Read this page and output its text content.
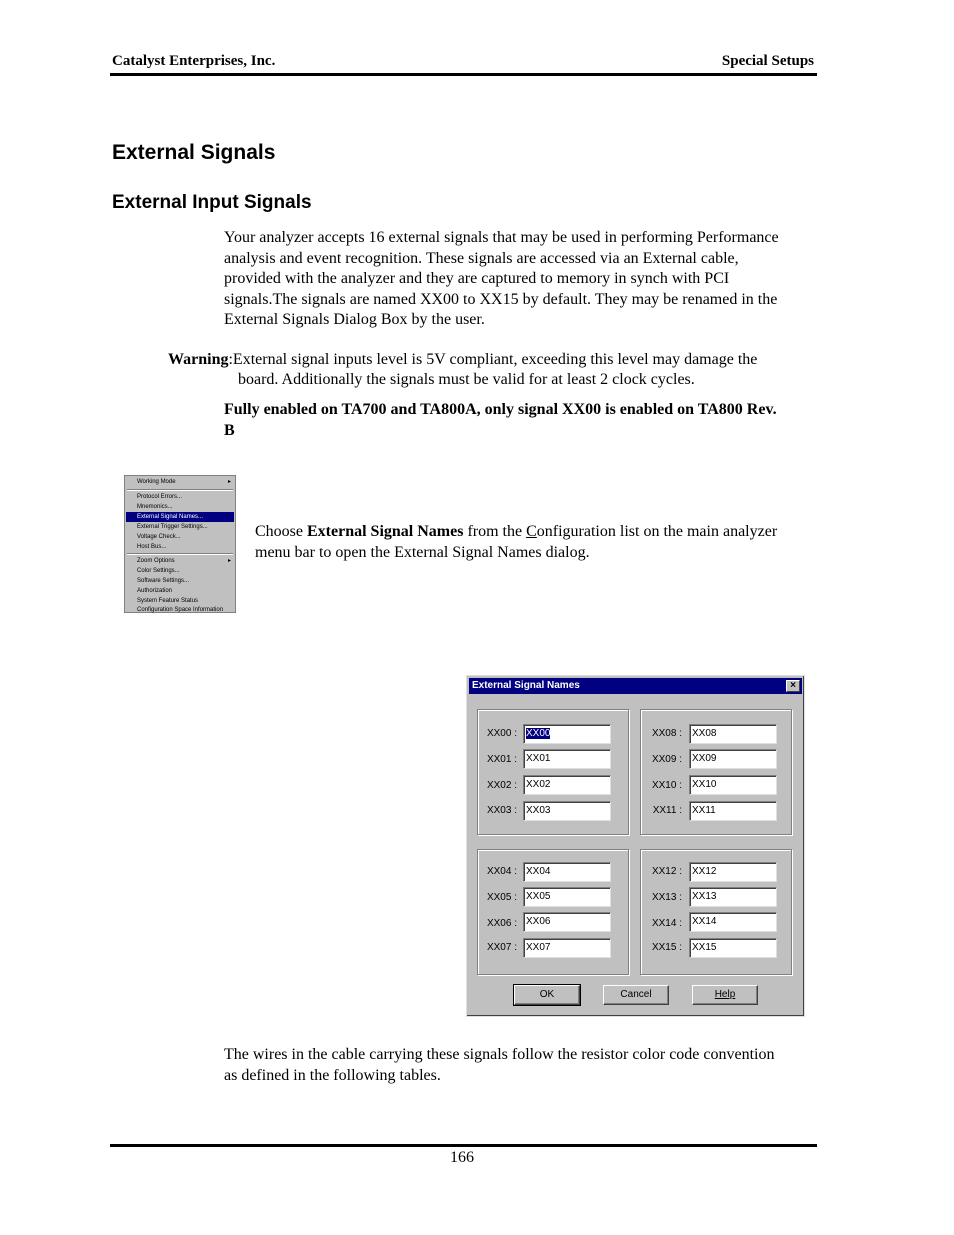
Catalyst Enterprises, Inc.	Special Setups
External Signals
External Input Signals
Your analyzer accepts 16 external signals that may be used in performing Performance
analysis and event recognition. These signals are accessed via an External cable,
provided with the analyzer and they are captured to memory in synch with PCI
signals.The signals are named XX00 to XX15 by default. They may be renamed in the
External Signals Dialog Box by the user.
Warning:External signal inputs level is 5V compliant, exceeding this level may damage the
board. Additionally the signals must be valid for at least 2 clock cycles.
Fully enabled on TA700 and TA800A, only signal XX00 is enabled on TA800 Rev.
B
Working Mode	▸
Protocol Errors...
Mnemonics...
External Signal Names...
External Trigger Settings...
Voltage Check...
Host Bus...
Zoom Options	▸
Color Settings...
Software Settings...
Authorization
System Feature Status
Configuration Space Information
Choose External Signal Names from the Configuration list on the main analyzer
menu bar to open the External Signal Names dialog.
External Signal Names	×
XX00 : XX00
XX01 : XX01
XX02 : XX02
XX03 : XX03
XX04 : XX04
XX05 : XX05
XX06 : XX06
XX07 : XX07
XX08 :	XX08
XX09 :	XX09
XX10 :	XX10
XX11 :	XX11
XX12 :	XX12
XX13 :	XX13
XX14 :	XX14
XX15 :	XX15
OK	Cancel	Help
The wires in the cable carrying these signals follow the resistor color code convention
as defined in the following tables.
166
